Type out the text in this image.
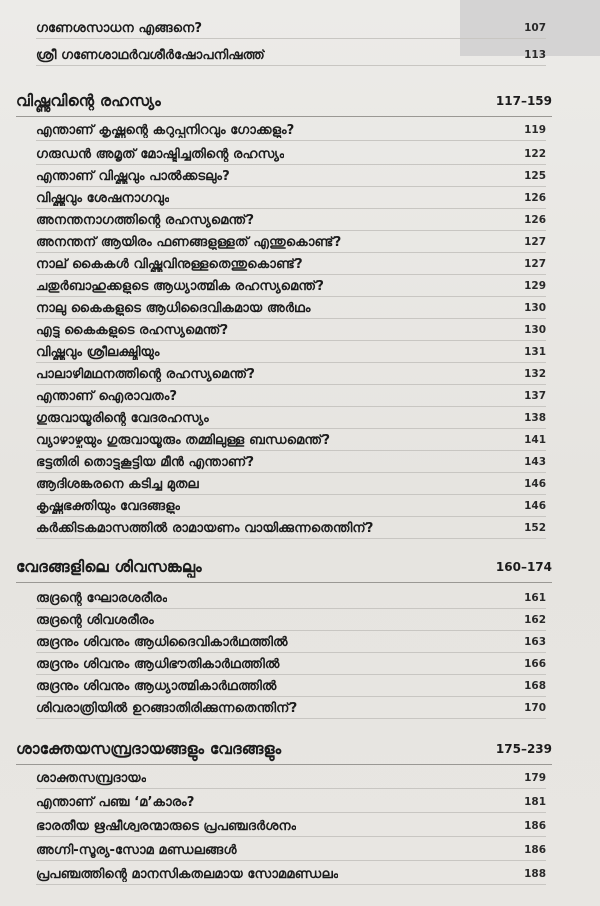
ഗണേശസാധന എങ്ങനെ?	107
ശ്രീ ഗണേശാഥർവശീർഷോപനിഷത്ത്	113
വിഷ്ണുവിന്റെ രഹസ്യം	117–159
എന്താണ് കൃഷ്ണന്റെ കറുപ്പുനിറവും ഗോക്കളും?	119
ഗരുഡൻ അമൃത് മോഷ്ടിച്ചതിന്റെ രഹസ്യം	122
എന്താണ് വിഷ്ണുവും പാൽക്കടലും?	125
വിഷ്ണുവും ശേഷനാഗവും	126
അനന്തനാഗത്തിന്റെ രഹസ്യമെന്ത്?	126
അനന്തന് ആയിരം ഫണങ്ങളുള്ളത് എന്തുകൊണ്ട്?	127
നാല് കൈകൾ വിഷ്ണുവിനുള്ളതെന്തുകൊണ്ട്?	127
ചതുർബാഹുക്കളുടെ ആധ്യാത്മിക രഹസ്യമെന്ത്?	129
നാലു കൈകളുടെ ആധിദൈവികമായ അർഥം	130
എട്ടു കൈകളുടെ രഹസ്യമെന്ത്?	130
വിഷ്ണുവും ശ്രീലക്ഷ്മിയും	131
പാലാഴിമഥനത്തിന്റെ രഹസ്യമെന്ത്?	132
എന്താണ് ഐരാവതം?	137
ഗുരുവായൂരിന്റെ വേദരഹസ്യം	138
വ്യാഴാഴ്ചയും ഗുരുവായൂരും തമ്മിലുള്ള ബന്ധമെന്ത്?	141
ഭട്ടതിരി തൊട്ടുകൂട്ടിയ മീൻ എന്താണ്?	143
ആദിശങ്കരനെ കടിച്ച മുതല	146
കൃഷ്ണഭക്തിയും വേദങ്ങളും	146
കർക്കിടകമാസത്തിൽ രാമായണം വായിക്കുന്നതെന്തിന്?	152
വേദങ്ങളിലെ ശിവസങ്കല്പം	160–174
രുദ്രന്റെ ഘോരശരീരം	161
രുദ്രന്റെ ശിവശരീരം	162
രുദ്രനും ശിവനും ആധിദൈവികാർഥത്തിൽ	163
രുദ്രനും ശിവനും ആധിഭൗതികാർഥത്തിൽ	166
രുദ്രനും ശിവനും ആധ്യാത്മികാർഥത്തിൽ	168
ശിവരാത്രിയിൽ ഉറങ്ങാതിരിക്കുന്നതെന്തിന്?	170
ശാക്തേയസമ്പ്രദായങ്ങളും വേദങ്ങളും	175–239
ശാക്തസമ്പ്രദായം	179
എന്താണ് പഞ്ച ‘മ’കാരം?	181
ഭാരതീയ ഋഷീശ്വരന്മാരുടെ പ്രപഞ്ചദർശനം	186
അഗ്നി-സൂര്യ-സോമ മണ്ഡലങ്ങൾ	186
പ്രപഞ്ചത്തിന്റെ മാനസികതലമായ സോമമണ്ഡലം	188
